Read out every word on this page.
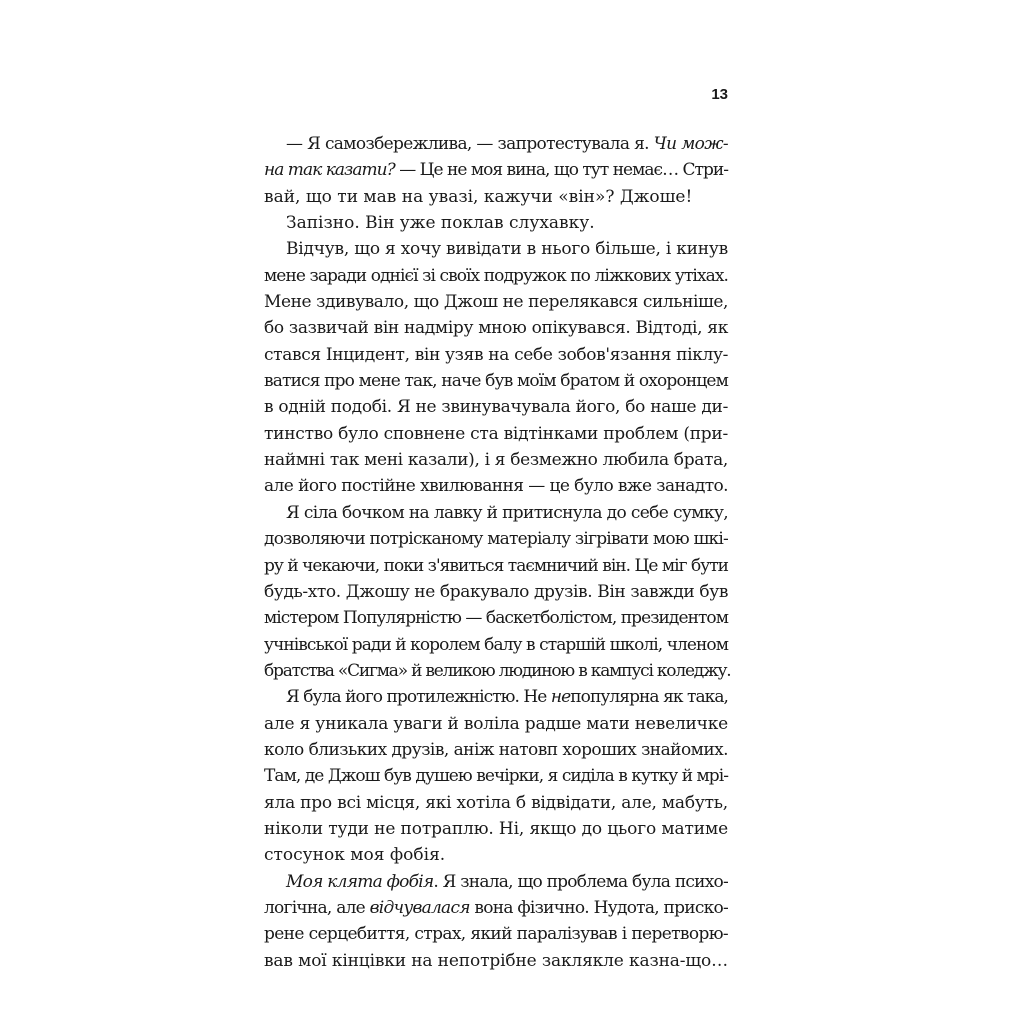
13
— Я самозбережлива, — запротестувала я. Чи мож-
на так казати? — Це не моя вина, що тут немає… Стри-
вай, що ти мав на увазі, кажучи «він»? Джоше!
Запізно. Він уже поклав слухавку.
Відчув, що я хочу вивідати в нього більше, і кинув
мене заради однієї зі своїх подружок по ліжкових утіхах.
Мене здивувало, що Джош не перелякався сильніше,
бо зазвичай він надміру мною опікувався. Відтоді, як
стався Інцидент, він узяв на себе зобов'язання піклу-
ватися про мене так, наче був моїм братом й охоронцем
в одній подобі. Я не звинувачувала його, бо наше ди-
тинство було сповнене ста відтінками проблем (при-
наймні так мені казали), і я безмежно любила брата,
але його постійне хвилювання — це було вже занадто.
Я сіла бочком на лавку й притиснула до себе сумку,
дозволяючи потрісканому матеріалу зігрівати мою шкі-
ру й чекаючи, поки з'явиться таємничий він. Це міг бути
будь-хто. Джошу не бракувало друзів. Він завжди був
містером Популярністю — баскетболістом, президентом
учнівської ради й королем балу в старшій школі, членом
братства «Сигма» й великою людиною в кампусі коледжу.
Я була його протилежністю. Не непопулярна як така,
але я уникала уваги й воліла радше мати невеличке
коло близьких друзів, аніж натовп хороших знайомих.
Там, де Джош був душею вечірки, я сиділа в кутку й мрі-
яла про всі місця, які хотіла б відвідати, але, мабуть,
ніколи туди не потраплю. Ні, якщо до цього матиме
стосунок моя фобія.
Моя клята фобія. Я знала, що проблема була психо-
логічна, але відчувалася вона фізично. Нудота, прискo-
рене серцебиття, страх, який паралізував і перетворю-
вав мої кінцівки на непотрібне заклякле казна-що…
